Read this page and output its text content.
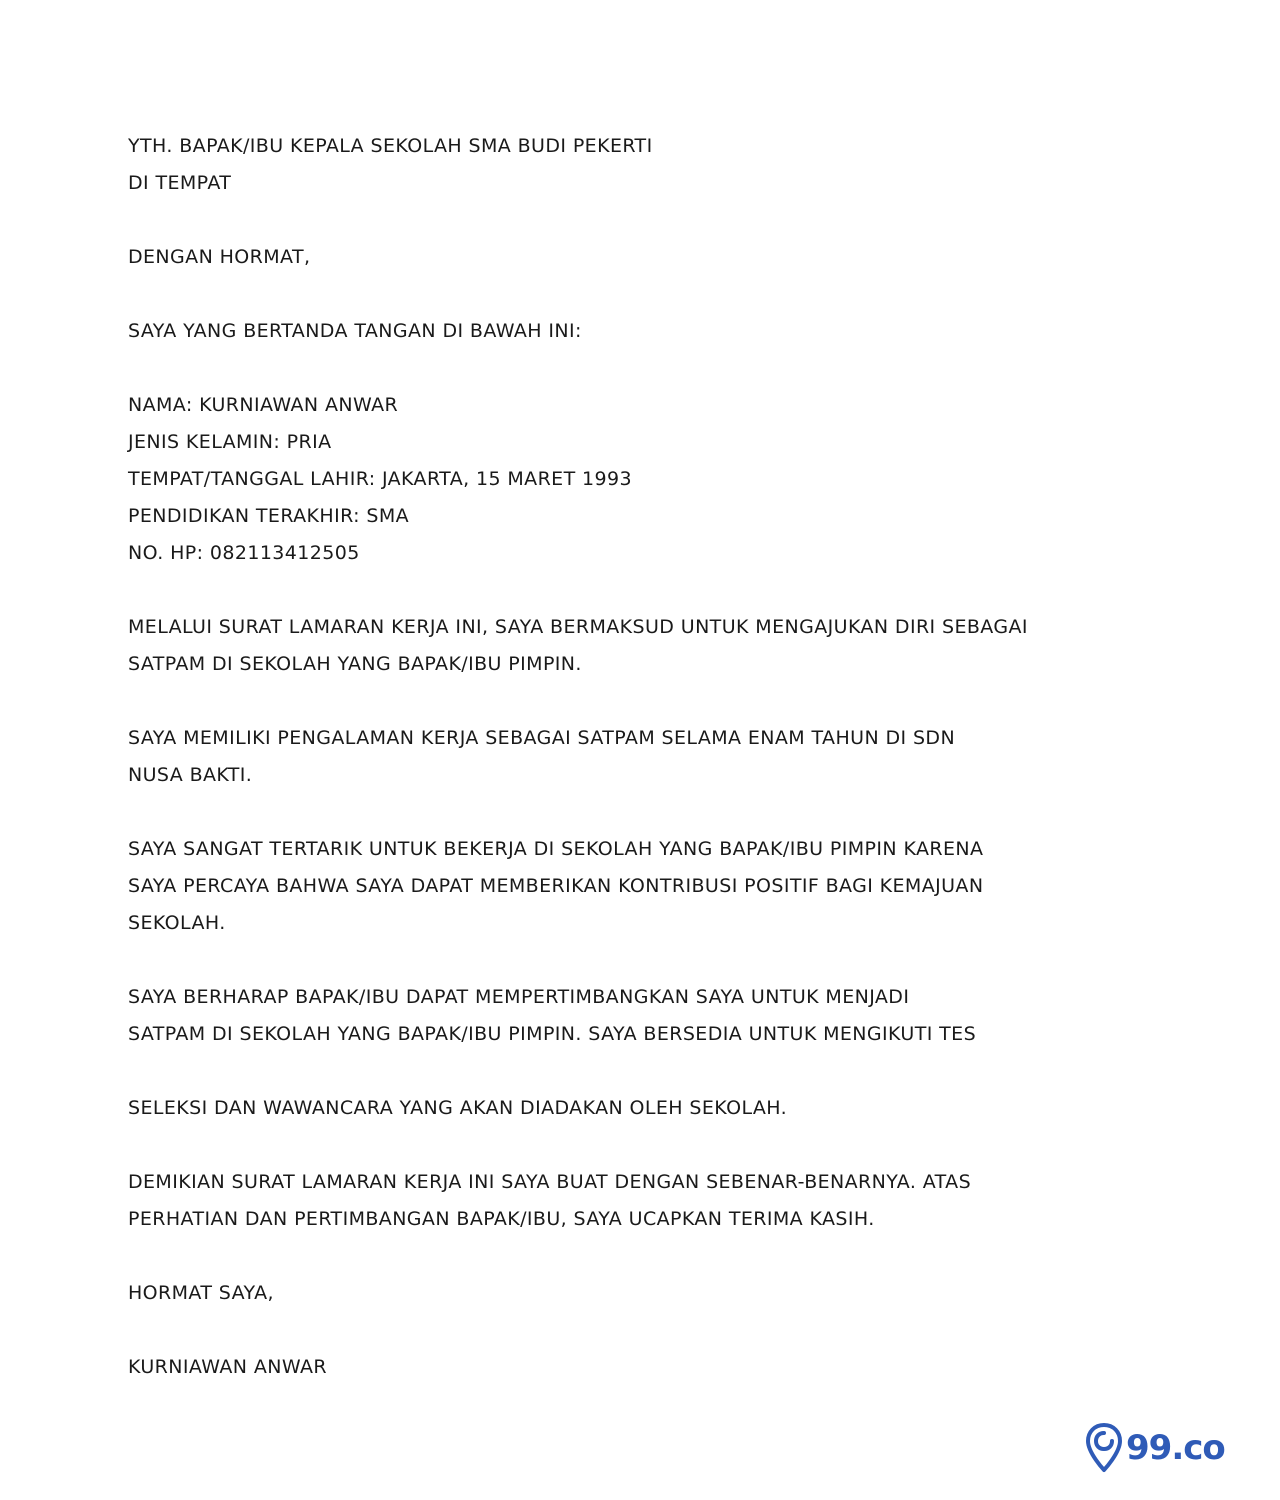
YTH. BAPAK/IBU KEPALA SEKOLAH SMA BUDI PEKERTI
DI TEMPAT
DENGAN HORMAT,
SAYA YANG BERTANDA TANGAN DI BAWAH INI:
NAMA: KURNIAWAN ANWAR
JENIS KELAMIN: PRIA
TEMPAT/TANGGAL LAHIR: JAKARTA, 15 MARET 1993
PENDIDIKAN TERAKHIR: SMA
NO. HP: 082113412505
MELALUI SURAT LAMARAN KERJA INI, SAYA BERMAKSUD UNTUK MENGAJUKAN DIRI SEBAGAI
SATPAM DI SEKOLAH YANG BAPAK/IBU PIMPIN.
SAYA MEMILIKI PENGALAMAN KERJA SEBAGAI SATPAM SELAMA ENAM TAHUN DI SDN
NUSA BAKTI.
SAYA SANGAT TERTARIK UNTUK BEKERJA DI SEKOLAH YANG BAPAK/IBU PIMPIN KARENA
SAYA PERCAYA BAHWA SAYA DAPAT MEMBERIKAN KONTRIBUSI POSITIF BAGI KEMAJUAN
SEKOLAH.
SAYA BERHARAP BAPAK/IBU DAPAT MEMPERTIMBANGKAN SAYA UNTUK MENJADI
SATPAM DI SEKOLAH YANG BAPAK/IBU PIMPIN. SAYA BERSEDIA UNTUK MENGIKUTI TES
SELEKSI DAN WAWANCARA YANG AKAN DIADAKAN OLEH SEKOLAH.
DEMIKIAN SURAT LAMARAN KERJA INI SAYA BUAT DENGAN SEBENAR-BENARNYA. ATAS
PERHATIAN DAN PERTIMBANGAN BAPAK/IBU, SAYA UCAPKAN TERIMA KASIH.
HORMAT SAYA,
KURNIAWAN ANWAR
99.co
